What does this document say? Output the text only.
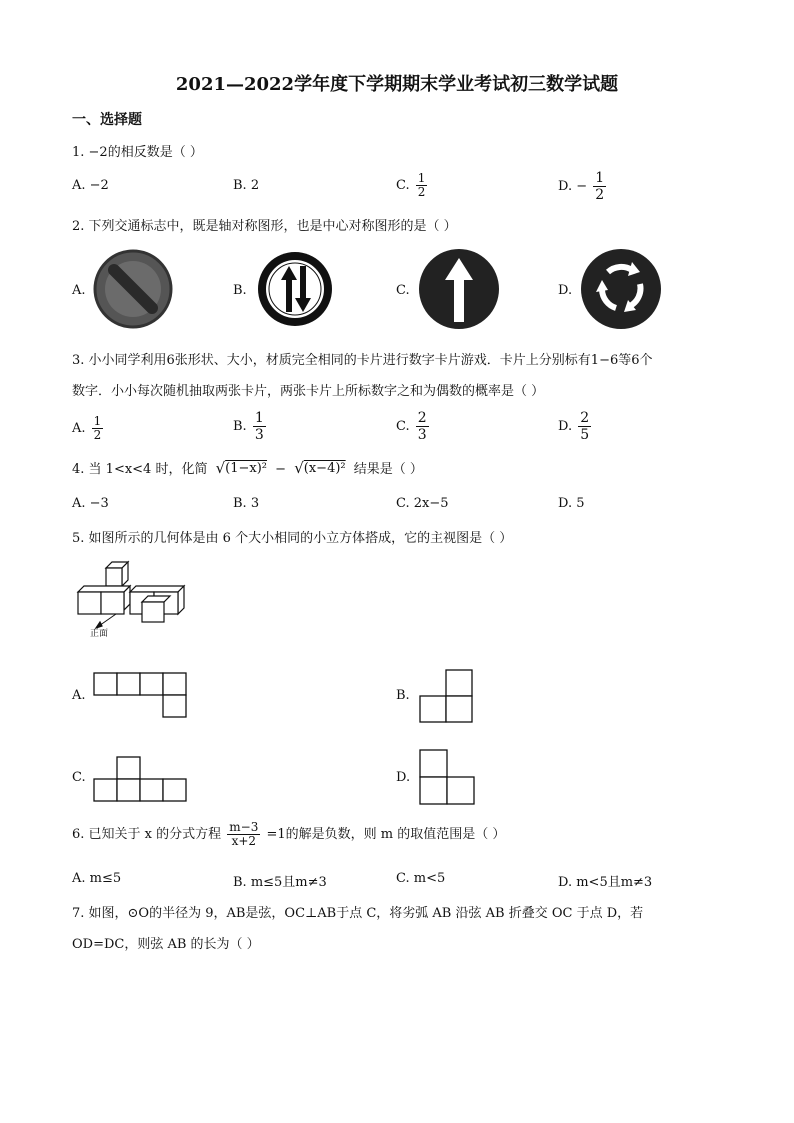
2021—2022学年度下学期期末学业考试初三数学试题
一、选择题
1. −2的相反数是（ ）
A. −2	B. 2	C. $\frac{1}{2}$	D. − $\frac{1}{2}$
2. 下列交通标志中，既是轴对称图形，也是中心对称图形的是（ ）
A.	B.	C.	D.
3. 小小同学利用6张形状、大小，材质完全相同的卡片进行数字卡片游戏．卡片上分别标有1−6等6个
数字．小小每次随机抽取两张卡片，两张卡片上所标数字之和为偶数的概率是（ ）
A. $\frac{1}{2}$	B. $\frac{1}{3}$	C. $\frac{2}{3}$	D. $\frac{2}{5}$
4. 当 1<x<4 时，化简 √ (1−x)² − √ (x−4)² 结果是（ ）
A. −3	B. 3	C. 2x−5	D. 5
5. 如图所示的几何体是由 6 个大小相同的小立方体搭成，它的主视图是（ ）
正面
A.	B.
C.	D.
6. 已知关于 x 的分式方程 $\frac{m-3}{x+2} =1$的解是负数，则 m 的取值范围是（ ）
A. m≤5	B. m≤5且m≠3	C. m<5	D. m<5且m≠3
7. 如图，⊙O的半径为 9，AB是弦，OC⊥AB于点 C，将劣弧 AB 沿弦 AB 折叠交 OC 于点 D，若
OD=DC，则弦 AB 的长为（ ）
